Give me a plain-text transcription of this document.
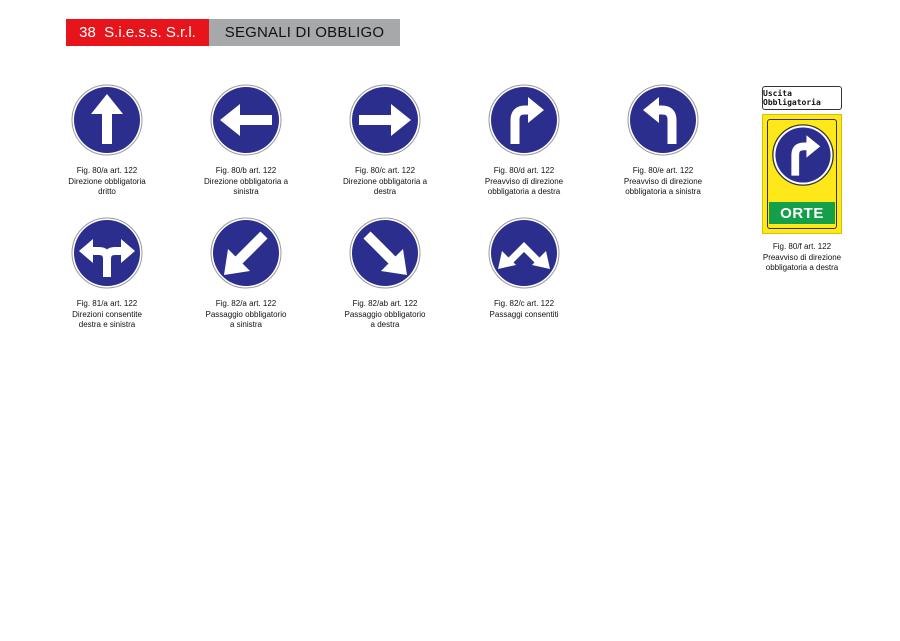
38
S.i.e.s.s. S.r.l.	SEGNALI DI OBBLIGO
Fig. 80/a art. 122
Direzione obbligatoria
dritto
Fig. 80/b art. 122
Direzione obbligatoria a
sinistra
Fig. 80/c art. 122
Direzione obbligatoria a
destra
Fig. 80/d art. 122
Preavviso di direzione
obbligatoria a destra
Fig. 80/e art. 122
Preavviso di direzione
obbligatoria a sinistra
Fig. 81/a art. 122
Direzioni consentite
destra e sinistra
Fig. 82/a art. 122
Passaggio obbligatorio
a sinistra
Fig. 82/ab art. 122
Passaggio obbligatorio
a destra
Fig. 82/c art. 122
Passaggi consentiti
Uscita Obbligatoria
ORTE
Fig. 80/f art. 122
Preavviso di direzione
obbligatoria a destra
